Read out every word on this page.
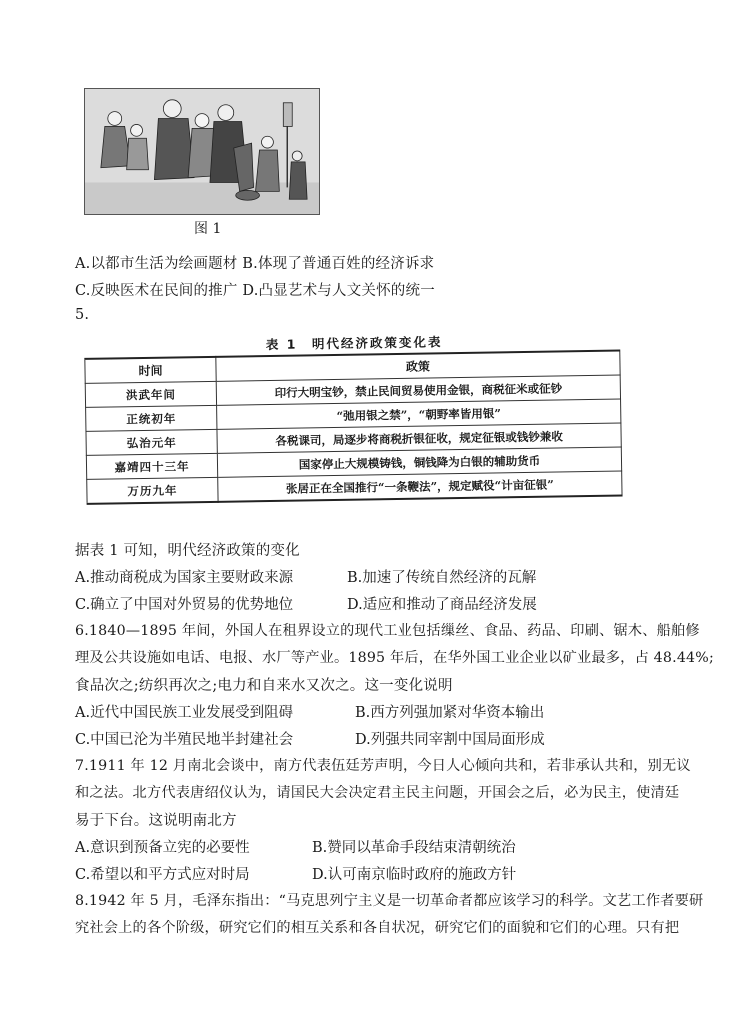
图 1
A.以都市生活为绘画题材 B.体现了普通百姓的经济诉求
C.反映医术在民间的推广 D.凸显艺术与人文关怀的统一
5.
表 1　明代经济政策变化表
时间	政策
洪武年间	印行大明宝钞，禁止民间贸易使用金银，商税征米或征钞
正统初年	“弛用银之禁”，“朝野率皆用银”
弘治元年	各税课司，局逐步将商税折银征收，规定征银或钱钞兼收
嘉靖四十三年	国家停止大规模铸钱，铜钱降为白银的辅助货币
万历九年	张居正在全国推行“一条鞭法”，规定赋役“计亩征银”
据表 1 可知，明代经济政策的变化
A.推动商税成为国家主要财政来源	B.加速了传统自然经济的瓦解
C.确立了中国对外贸易的优势地位	D.适应和推动了商品经济发展
6.1840—1895 年间，外国人在租界设立的现代工业包括缫丝、食品、药品、印刷、锯木、船舶修
理及公共设施如电话、电报、水厂等产业。1895 年后，在华外国工业企业以矿业最多，占 48.44%;
食品次之;纺织再次之;电力和自来水又次之。这一变化说明
A.近代中国民族工业发展受到阻碍	B.西方列强加紧对华资本输出
C.中国已沦为半殖民地半封建社会	D.列强共同宰割中国局面形成
7.1911 年 12 月南北会谈中，南方代表伍廷芳声明，今日人心倾向共和，若非承认共和，别无议
和之法。北方代表唐绍仪认为，请国民大会决定君主民主问题，开国会之后，必为民主，使清廷
易于下台。这说明南北方
A.意识到预备立宪的必要性	B.赞同以革命手段结束清朝统治
C.希望以和平方式应对时局	D.认可南京临时政府的施政方针
8.1942 年 5 月，毛泽东指出：“马克思列宁主义是一切革命者都应该学习的科学。文艺工作者要研
究社会上的各个阶级，研究它们的相互关系和各自状况，研究它们的面貌和它们的心理。只有把
